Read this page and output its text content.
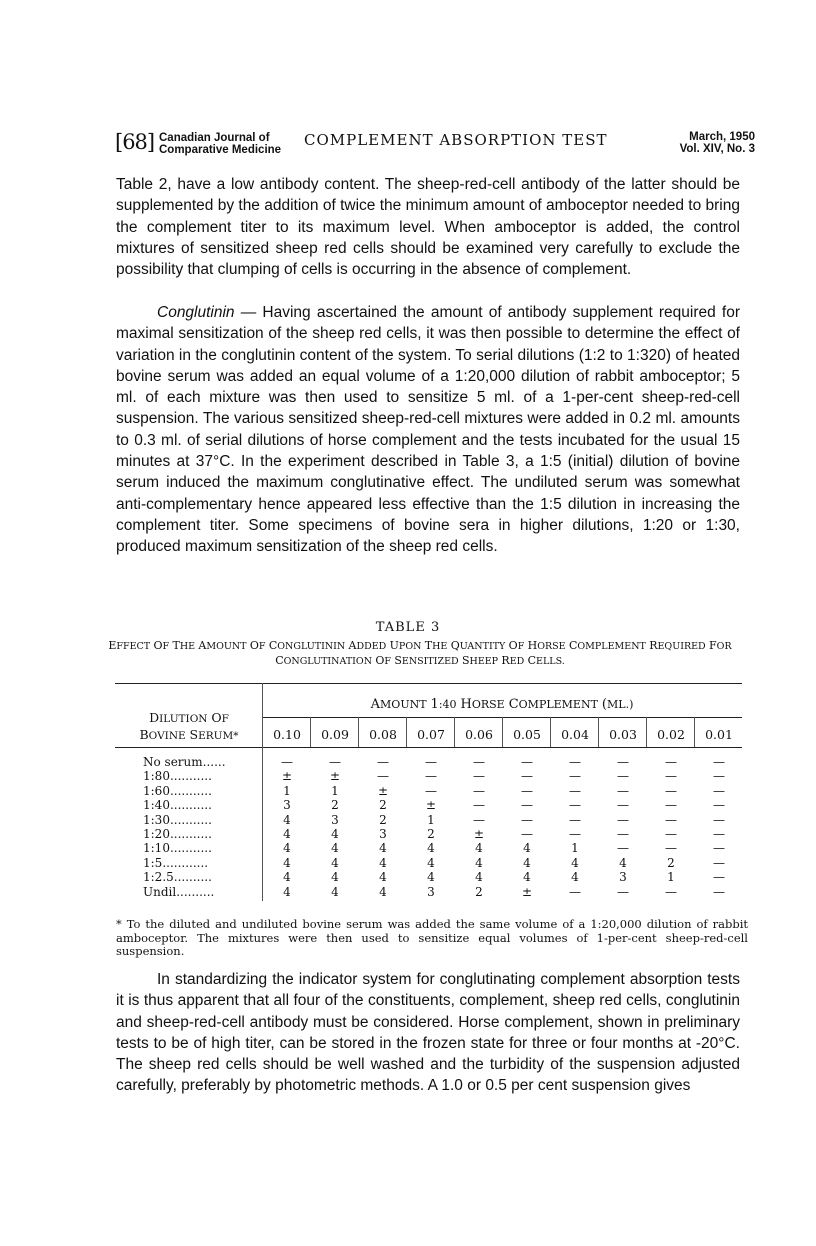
[68] Canadian Journal of
Comparative Medicine
COMPLEMENT ABSORPTION TEST	March, 1950
Vol. XIV, No. 3

Table 2, have a low antibody content. The sheep-red-cell antibody of the latter should be supplemented by the addition of twice the minimum amount of amboceptor needed to bring the complement titer to its maximum level. When amboceptor is added, the control mixtures of sensitized sheep red cells should be examined very carefully to exclude the possibility that clumping of cells is occurring in the absence of complement.

Conglutinin — Having ascertained the amount of antibody supplement required for maximal sensitization of the sheep red cells, it was then possible to determine the effect of variation in the conglutinin content of the system. To serial dilutions (1:2 to 1:320) of heated bovine serum was added an equal volume of a 1:20,000 dilution of rabbit amboceptor; 5 ml. of each mixture was then used to sensitize 5 ml. of a 1-per-cent sheep-red-cell suspension. The various sensitized sheep-red-cell mixtures were added in 0.2 ml. amounts to 0.3 ml. of serial dilutions of horse complement and the tests incubated for the usual 15 minutes at 37°C. In the experiment described in Table 3, a 1:5 (initial) dilution of bovine serum induced the maximum conglutinative effect. The undiluted serum was somewhat anti-complementary hence appeared less effective than the 1:5 dilution in increasing the complement titer. Some specimens of bovine sera in higher dilutions, 1:20 or 1:30, produced maximum sensitization of the sheep red cells.

TABLE 3
EFFECT OF THE AMOUNT OF CONGLUTININ ADDED UPON THE QUANTITY OF HORSE COMPLEMENT REQUIRED FOR CONGLUTINATION OF SENSITIZED SHEEP RED CELLS.
AMOUNT 1:40 HORSE COMPLEMENT (ML.)
DILUTION OF
BOVINE SERUM*	0.10	0.09	0.08	0.07	0.06	0.05	0.04	0.03	0.02	0.01
No serum......	—	—	—	—	—	—	—	—	—	—
1:80...........	±	±	—	—	—	—	—	—	—	—
1:60...........	1	1	±	—	—	—	—	—	—	—
1:40...........	3	2	2	±	—	—	—	—	—	—
1:30...........	4	3	2	1	—	—	—	—	—	—
1:20...........	4	4	3	2	±	—	—	—	—	—
1:10...........	4	4	4	4	4	4	1	—	—	—
1:5............	4	4	4	4	4	4	4	4	2	—
1:2.5..........	4	4	4	4	4	4	4	3	1	—
Undil..........	4	4	4	3	2	±	—	—	—	—
* To the diluted and undiluted bovine serum was added the same volume of a 1:20,000 dilution of rabbit amboceptor. The mixtures were then used to sensitize equal volumes of 1-per-cent sheep-red-cell suspension.

In standardizing the indicator system for conglutinating complement absorption tests it is thus apparent that all four of the constituents, complement, sheep red cells, conglutinin and sheep-red-cell antibody must be considered. Horse complement, shown in preliminary tests to be of high titer, can be stored in the frozen state for three or four months at -20°C. The sheep red cells should be well washed and the turbidity of the suspension adjusted carefully, preferably by photometric methods. A 1.0 or 0.5 per cent suspension gives
